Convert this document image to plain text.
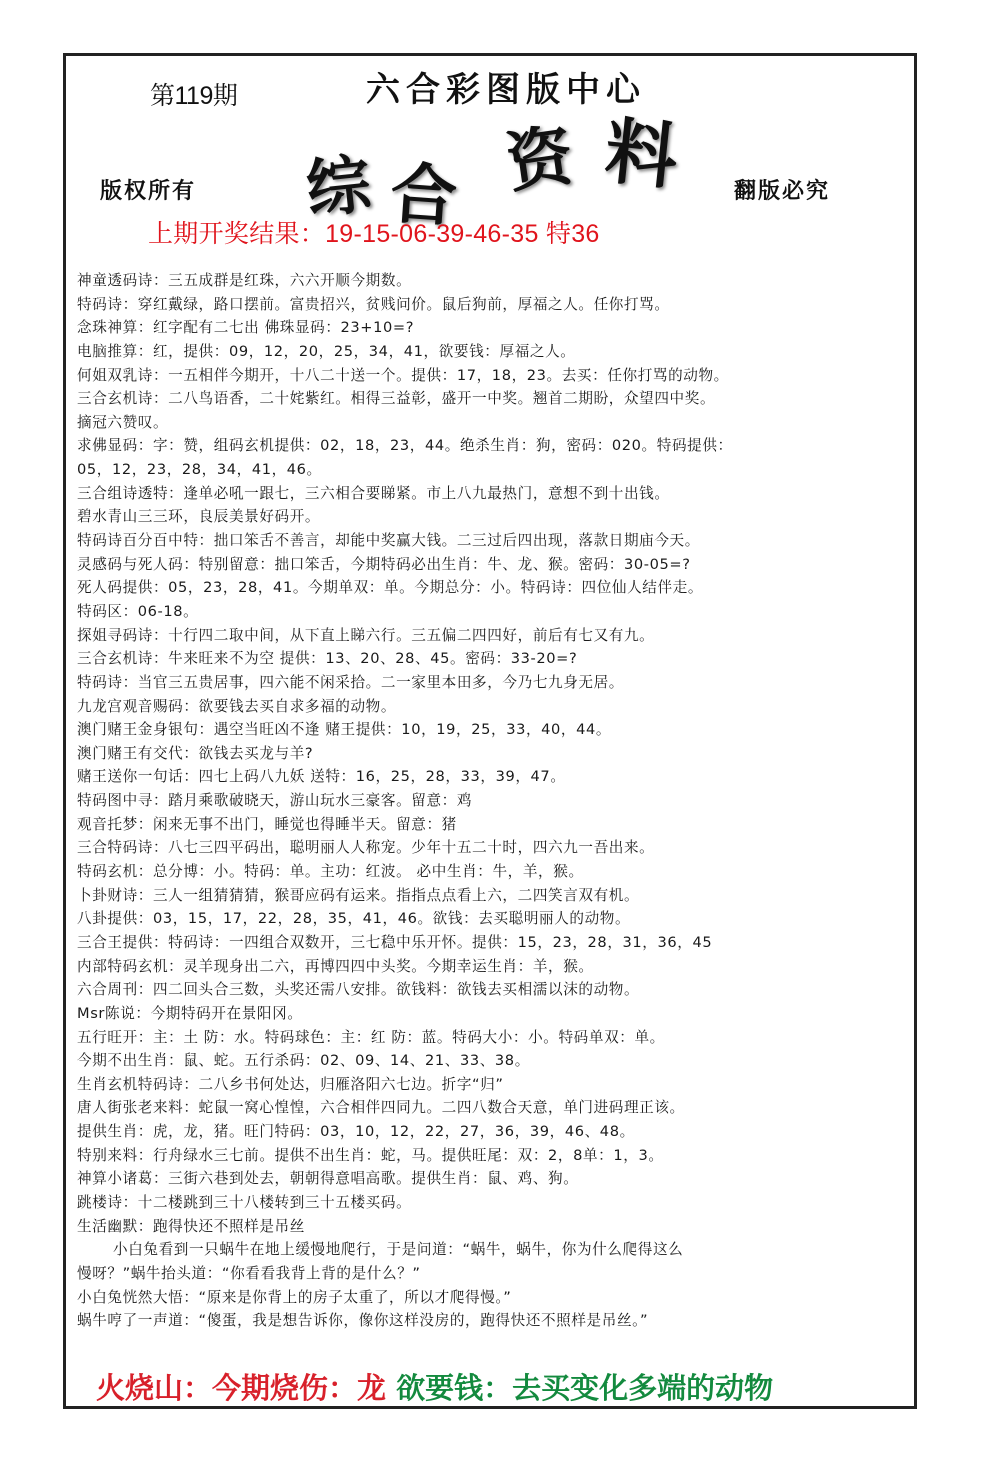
第119期	六合彩图版中心
综 合 资 料
版权所有	翻版必究
上期开奖结果：19-15-06-39-46-35 特36
神童透码诗：三五成群是红珠，六六开顺今期数。
特码诗：穿红戴绿，路口摆前。富贵招兴，贫贱问价。鼠后狗前，厚福之人。任你打骂。
念珠神算：红字配有二七出 佛珠显码：23+10=?
电脑推算：红，提供：09，12，20，25，34，41，欲要钱：厚福之人。
何姐双乳诗：一五相伴今期开，十八二十送一个。提供：17，18，23。去买：任你打骂的动物。
三合玄机诗：二八鸟语香，二十姹紫红。相得三益彰，盛开一中奖。翘首二期盼，众望四中奖。
摘冠六赞叹。
求佛显码：字：赞，组码玄机提供：02，18，23，44。绝杀生肖：狗，密码：020。特码提供：
05，12，23，28，34，41，46。
三合组诗透特：逢单必吼一跟七，三六相合要睇紧。市上八九最热门，意想不到十出钱。
碧水青山三三环，良辰美景好码开。
特码诗百分百中特：拙口笨舌不善言，却能中奖赢大钱。二三过后四出现，落款日期庙今天。
灵感码与死人码：特别留意：拙口笨舌，今期特码必出生肖：牛、龙、猴。密码：30-05=?
死人码提供：05，23，28，41。今期单双：单。今期总分：小。特码诗：四位仙人结伴走。
特码区：06-18。
探姐寻码诗：十行四二取中间，从下直上睇六行。三五偏二四四好，前后有七又有九。
三合玄机诗：牛来旺来不为空 提供：13、20、28、45。密码：33-20=?
特码诗：当官三五贵居事，四六能不闲采拾。二一家里本田多，今乃七九身无居。
九龙宫观音赐码：欲要钱去买自求多福的动物。
澳门赌王金身银句：遇空当旺凶不逢 赌王提供：10，19，25，33，40，44。
澳门赌王有交代：欲钱去买龙与羊?
赌王送你一句话：四七上码八九妖 送特：16，25，28，33，39，47。
特码图中寻：踏月乘歌破晓天，游山玩水三豪客。留意：鸡
观音托梦：闲来无事不出门，睡觉也得睡半天。留意：猪
三合特码诗：八七三四平码出，聪明丽人人称宠。少年十五二十时，四六九一吾出来。
特码玄机：总分博：小。特码：单。主功：红波。 必中生肖：牛，羊，猴。
卜卦财诗：三人一组猜猜猜，猴哥应码有运来。指指点点看上六，二四笑言双有机。
八卦提供：03，15，17，22，28，35，41，46。欲钱：去买聪明丽人的动物。
三合王提供：特码诗：一四组合双数开，三七稳中乐开怀。提供：15，23，28，31，36，45
内部特码玄机：灵羊现身出二六，再博四四中头奖。今期幸运生肖：羊，猴。
六合周刊：四二回头合三数，头奖还需八安排。欲钱料：欲钱去买相濡以沫的动物。
Msr陈说：今期特码开在景阳冈。
五行旺开：主：土 防：水。特码球色：主：红 防：蓝。特码大小：小。特码单双：单。
今期不出生肖：鼠、蛇。五行杀码：02、09、14、21、33、38。
生肖玄机特码诗：二八乡书何处达，归雁洛阳六七边。折字“归”
唐人街张老来料：蛇鼠一窝心惶惶，六合相伴四同九。二四八数合天意，单门进码理正该。
提供生肖：虎，龙，猪。旺门特码：03，10，12，22，27，36，39，46、48。
特别来料：行舟绿水三七前。提供不出生肖：蛇，马。提供旺尾：双：2，8单：1，3。
神算小诸葛：三街六巷到处去，朝朝得意唱高歌。提供生肖：鼠、鸡、狗。
跳楼诗：十二楼跳到三十八楼转到三十五楼买码。
生活幽默：跑得快还不照样是吊丝
小白兔看到一只蜗牛在地上缓慢地爬行，于是问道：“蜗牛，蜗牛，你为什么爬得这么
慢呀？”蜗牛抬头道：“你看看我背上背的是什么？”
小白兔恍然大悟：“原来是你背上的房子太重了，所以才爬得慢。”
蜗牛哼了一声道：“傻蛋，我是想告诉你，像你这样没房的，跑得快还不照样是吊丝。”
火烧山：今期烧伤：龙 欲要钱：去买变化多端的动物
